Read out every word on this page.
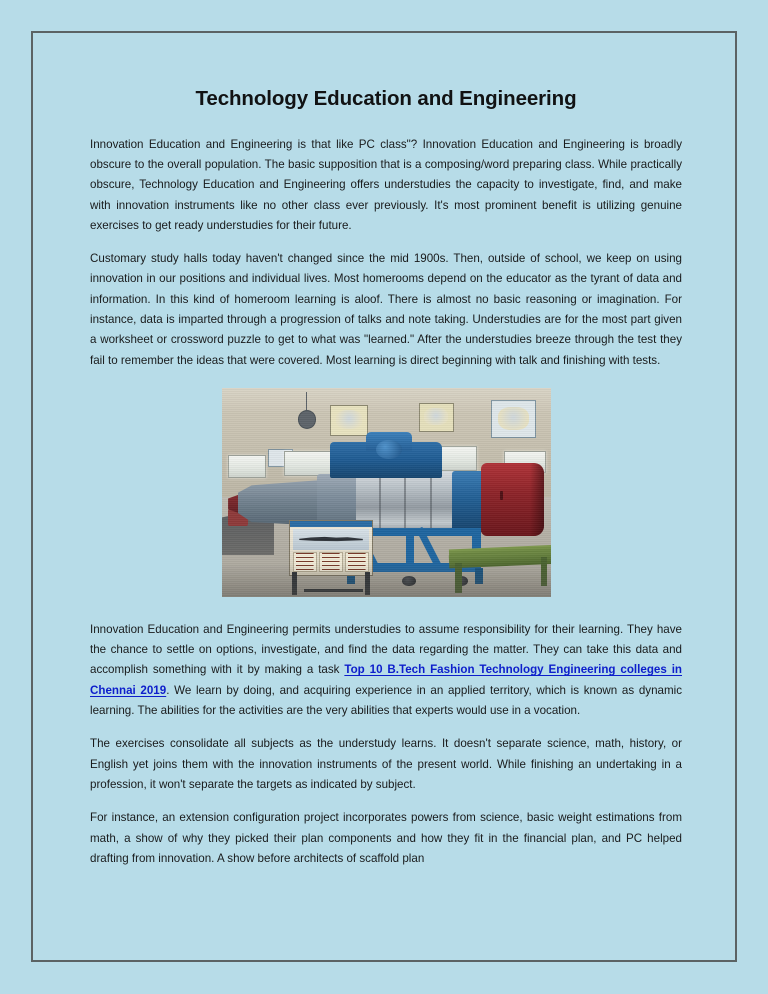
Technology Education and Engineering

Innovation Education and Engineering is that like PC class"? Innovation Education and Engineering is broadly obscure to the overall population. The basic supposition that is a composing/word preparing class. While practically obscure, Technology Education and Engineering offers understudies the capacity to investigate, find, and make with innovation instruments like no other class ever previously. It's most prominent benefit is utilizing genuine exercises to get ready understudies for their future.

Customary study halls today haven't changed since the mid 1900s. Then, outside of school, we keep on using innovation in our positions and individual lives. Most homerooms depend on the educator as the tyrant of data and information. In this kind of homeroom learning is aloof. There is almost no basic reasoning or imagination. For instance, data is imparted through a progression of talks and note taking. Understudies are for the most part given a worksheet or crossword puzzle to get to what was "learned." After the understudies breeze through the test they fail to remember the ideas that were covered. Most learning is direct beginning with talk and finishing with tests.

Innovation Education and Engineering permits understudies to assume responsibility for their learning. They have the chance to settle on options, investigate, and find the data regarding the matter. They can take this data and accomplish something with it by making a task Top 10 B.Tech Fashion Technology Engineering colleges in Chennai 2019. We learn by doing, and acquiring experience in an applied territory, which is known as dynamic learning. The abilities for the activities are the very abilities that experts would use in a vocation.

The exercises consolidate all subjects as the understudy learns. It doesn't separate science, math, history, or English yet joins them with the innovation instruments of the present world. While finishing an undertaking in a profession, it won't separate the targets as indicated by subject.

For instance, an extension configuration project incorporates powers from science, basic weight estimations from math, a show of why they picked their plan components and how they fit in the financial plan, and PC helped drafting from innovation. A show before architects of scaffold plan
